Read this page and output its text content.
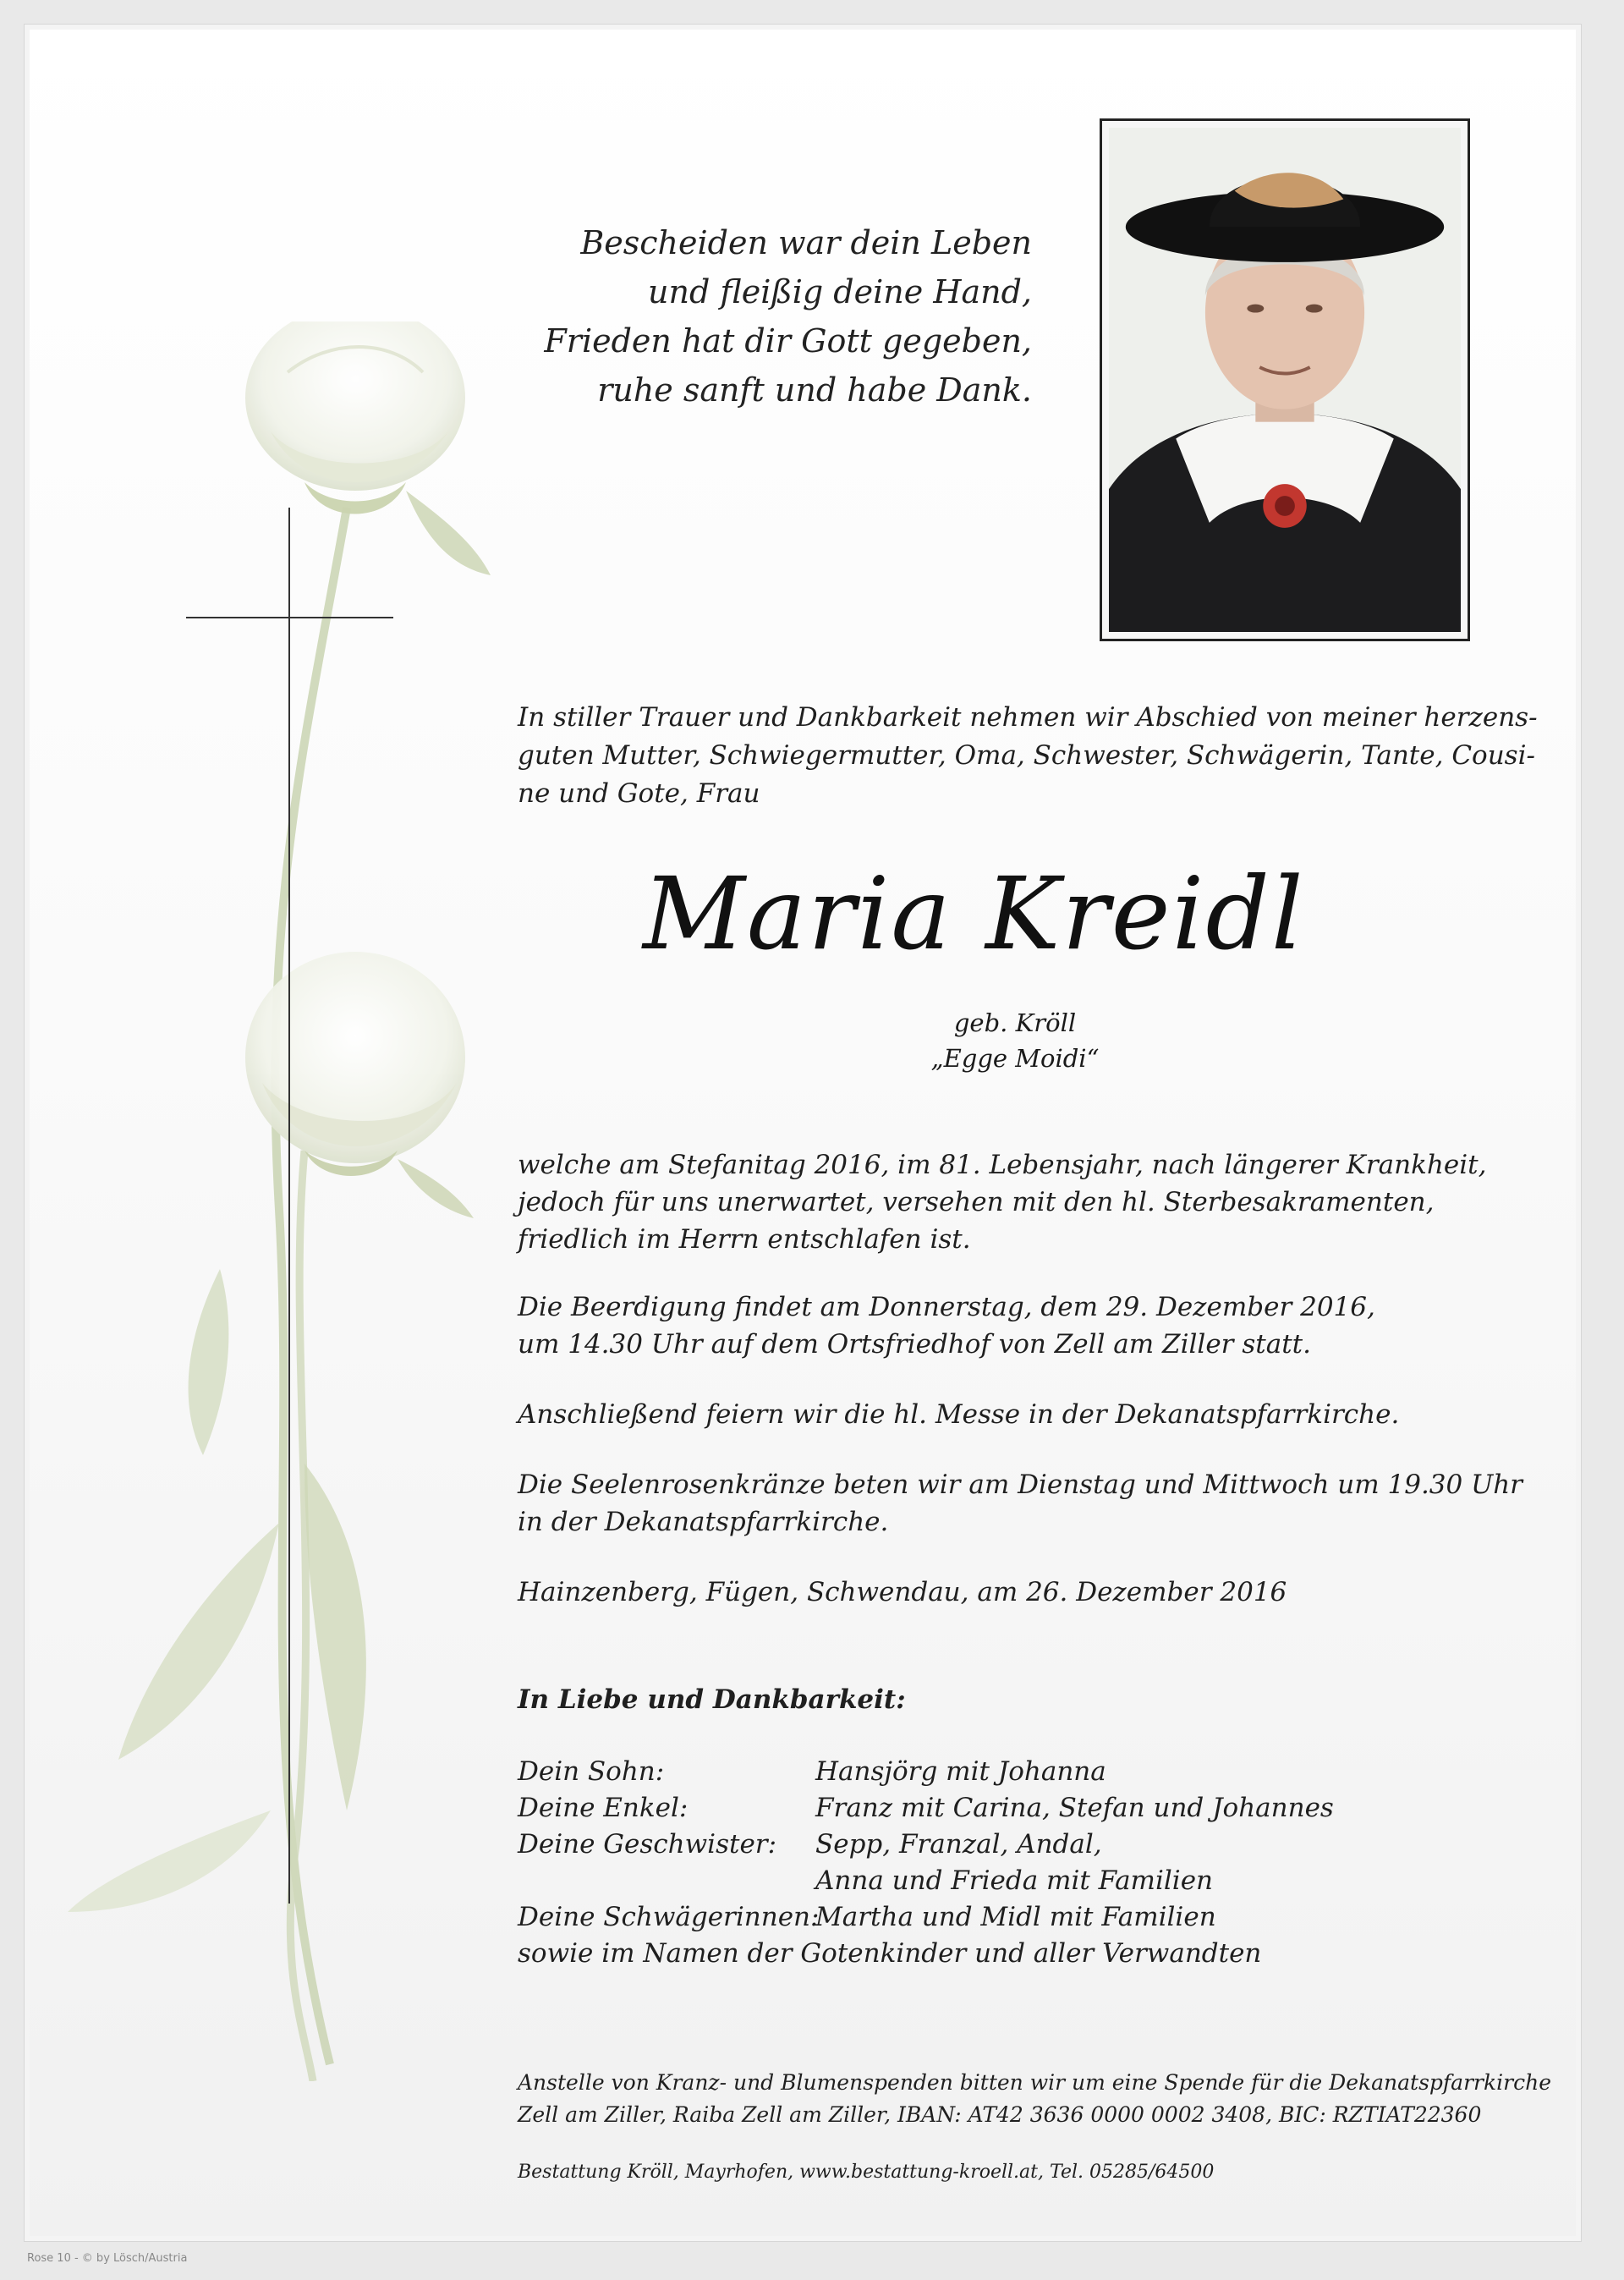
Bescheiden war dein Leben
und fleißig deine Hand,
Frieden hat dir Gott gegeben,
ruhe sanft und habe Dank.
In stiller Trauer und Dankbarkeit nehmen wir Abschied von meiner herzens-
guten Mutter, Schwiegermutter, Oma, Schwester, Schwägerin, Tante, Cousi-
ne und Gote, Frau
Maria Kreidl
geb. Kröll
„Egge Moidi“
welche am Stefanitag 2016, im 81. Lebensjahr, nach längerer Krankheit,
jedoch für uns unerwartet, versehen mit den hl. Sterbesakramenten,
friedlich im Herrn entschlafen ist.
Die Beerdigung findet am Donnerstag, dem 29. Dezember 2016,
um 14.30 Uhr auf dem Ortsfriedhof von Zell am Ziller statt.
Anschließend feiern wir die hl. Messe in der Dekanatspfarrkirche.
Die Seelenrosenkränze beten wir am Dienstag und Mittwoch um 19.30 Uhr
in der Dekanatspfarrkirche.
Hainzenberg, Fügen, Schwendau, am 26. Dezember 2016
In Liebe und Dankbarkeit:
Dein Sohn:	Hansjörg mit Johanna
Deine Enkel:	Franz mit Carina, Stefan und Johannes
Deine Geschwister:	Sepp, Franzal, Andal,
Anna und Frieda mit Familien
Deine Schwägerinnen:
Martha und Midl mit Familien
sowie im Namen der Gotenkinder und aller Verwandten
Anstelle von Kranz- und Blumenspenden bitten wir um eine Spende für die Dekanatspfarrkirche
Zell am Ziller, Raiba Zell am Ziller, IBAN: AT42 3636 0000 0002 3408, BIC: RZTIAT22360
Bestattung Kröll, Mayrhofen, www.bestattung-kroell.at, Tel. 05285/64500
Rose 10 - © by Lösch/Austria
